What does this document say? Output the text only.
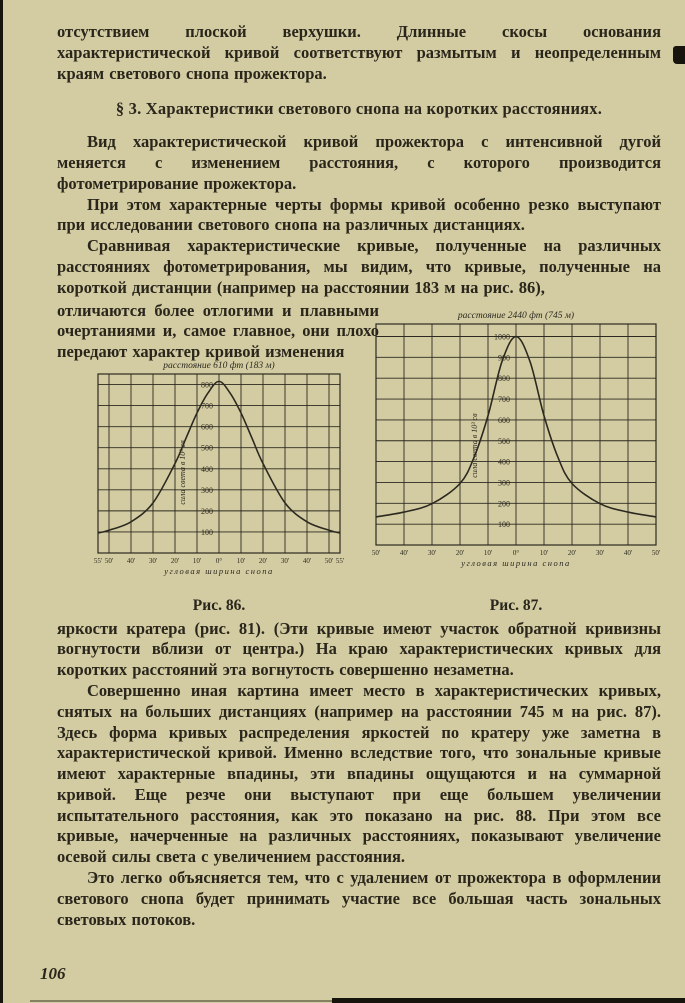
отсутствием плоской верхушки. Длинные скосы основания характеристической кривой соответствуют размытым и неопределенным краям светового снопа прожектора.

§ 3. Характеристики светового снопа на коротких расстояниях.

Вид характеристической кривой прожектора с интенсивной дугой меняется с изменением расстояния, с которого производится фотометрирование прожектора.

При этом характерные черты формы кривой особенно резко выступают при исследовании светового снопа на различных дистанциях.

Сравнивая характеристические кривые, полученные на различных расстояниях фотометрирования, мы видим, что кривые, полученные на короткой дистанции (например на расстоянии 183 м на рис. 86),

отличаются более отлогими и плавными очертаниями и, самое главное, они плохо передают характер кривой изменения

расстояние 610 фт (183 м)
100
200
300
400
500
600
700
800
сила света в 10³ св
55' 50' 40' 30' 20' 10' 0° 10' 20' 30' 40' 50' 55'
угловая ширина снопа
расстояние 2440 фт (745 м)
100
200
300
400
500
600
700
800
900
1000
сила света в 10³ св
50'	40'	30'	20'	10'	0°	10'	20'	30'	40'	50'
угловая ширина снопа
Рис. 86.	Рис. 87.

яркости кратера (рис. 81). (Эти кривые имеют участок обратной кривизны вогнутости вблизи от центра.) На краю характеристических кривых для коротких расстояний эта вогнутость совершенно незаметна.

Совершенно иная картина имеет место в характеристических кривых, снятых на больших дистанциях (например на расстоянии 745 м на рис. 87). Здесь форма кривых распределения яркостей по кратеру уже заметна в характеристической кривой. Именно вследствие того, что зональные кривые имеют характерные впадины, эти впадины ощущаются и на суммарной кривой. Еще резче они выступают при еще большем увеличении испытательного расстояния, как это показано на рис. 88. При этом все кривые, начерченные на различных расстояниях, показывают увеличение осевой силы света с увеличением расстояния.

Это легко объясняется тем, что с удалением от прожектора в оформлении светового снопа будет принимать участие все большая часть зональных световых потоков.

106
